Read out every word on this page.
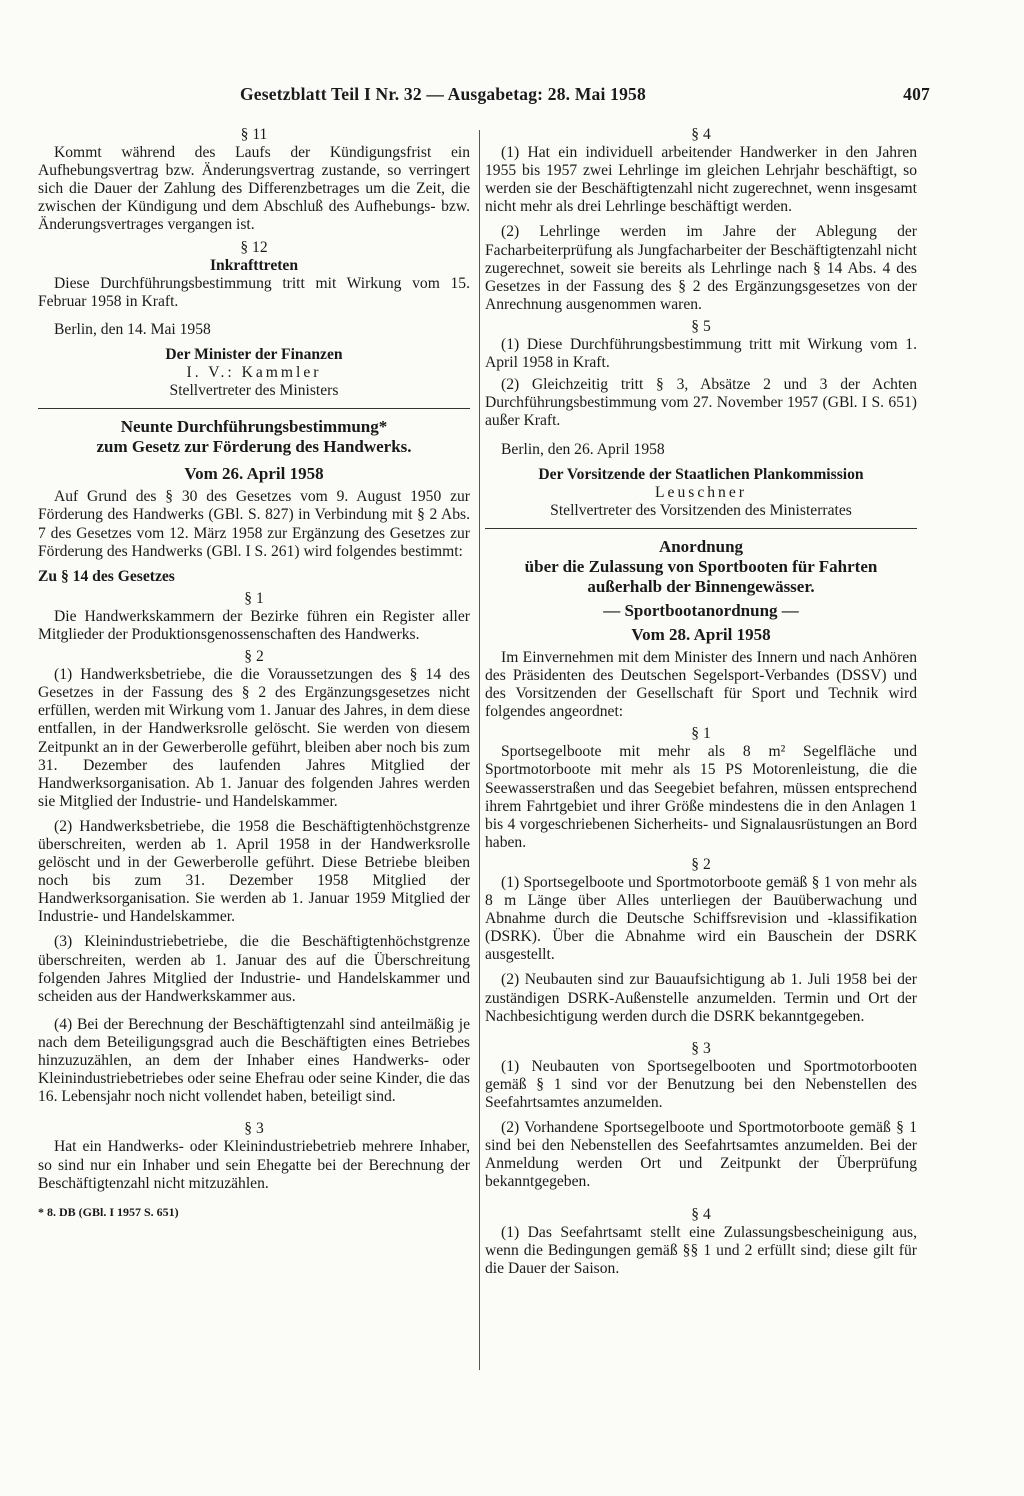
Gesetzblatt Teil I Nr. 32 — Ausgabetag: 28. Mai 1958	407
§ 11

Kommt während des Laufs der Kündigungsfrist ein Aufhebungsvertrag bzw. Änderungsvertrag zustande, so verringert sich die Dauer der Zahlung des Differenzbetrages um die Zeit, die zwischen der Kündigung und dem Abschluß des Aufhebungs- bzw. Änderungsvertrages vergangen ist.

§ 12
Inkrafttreten

Diese Durchführungsbestimmung tritt mit Wirkung vom 15. Februar 1958 in Kraft.

Berlin, den 14. Mai 1958

Der Minister der Finanzen
I. V.: Kammler
Stellvertreter des Ministers
Neunte Durchführungsbestimmung*
zum Gesetz zur Förderung des Handwerks.
Vom 26. April 1958

Auf Grund des § 30 des Gesetzes vom 9. August 1950 zur Förderung des Handwerks (GBl. S. 827) in Verbindung mit § 2 Abs. 7 des Gesetzes vom 12. März 1958 zur Ergänzung des Gesetzes zur Förderung des Handwerks (GBl. I S. 261) wird folgendes bestimmt:

Zu § 14 des Gesetzes
§ 1

Die Handwerkskammern der Bezirke führen ein Register aller Mitglieder der Produktionsgenossenschaften des Handwerks.

§ 2

(1) Handwerksbetriebe, die die Voraussetzungen des § 14 des Gesetzes in der Fassung des § 2 des Ergänzungsgesetzes nicht erfüllen, werden mit Wirkung vom 1. Januar des Jahres, in dem diese entfallen, in der Handwerksrolle gelöscht. Sie werden von diesem Zeitpunkt an in der Gewerberolle geführt, bleiben aber noch bis zum 31. Dezember des laufenden Jahres Mitglied der Handwerksorganisation. Ab 1. Januar des folgenden Jahres werden sie Mitglied der Industrie- und Handelskammer.

(2) Handwerksbetriebe, die 1958 die Beschäftigtenhöchstgrenze überschreiten, werden ab 1. April 1958 in der Handwerksrolle gelöscht und in der Gewerberolle geführt. Diese Betriebe bleiben noch bis zum 31. Dezember 1958 Mitglied der Handwerksorganisation. Sie werden ab 1. Januar 1959 Mitglied der Industrie- und Handelskammer.

(3) Kleinindustriebetriebe, die die Beschäftigtenhöchstgrenze überschreiten, werden ab 1. Januar des auf die Überschreitung folgenden Jahres Mitglied der Industrie- und Handelskammer und scheiden aus der Handwerkskammer aus.

(4) Bei der Berechnung der Beschäftigtenzahl sind anteilmäßig je nach dem Beteiligungsgrad auch die Beschäftigten eines Betriebes hinzuzuzählen, an dem der Inhaber eines Handwerks- oder Kleinindustriebetriebes oder seine Ehefrau oder seine Kinder, die das 16. Lebensjahr noch nicht vollendet haben, beteiligt sind.

§ 3

Hat ein Handwerks- oder Kleinindustriebetrieb mehrere Inhaber, so sind nur ein Inhaber und sein Ehegatte bei der Berechnung der Beschäftigtenzahl nicht mitzuzählen.

* 8. DB (GBl. I 1957 S. 651)
§ 4

(1) Hat ein individuell arbeitender Handwerker in den Jahren 1955 bis 1957 zwei Lehrlinge im gleichen Lehrjahr beschäftigt, so werden sie der Beschäftigtenzahl nicht zugerechnet, wenn insgesamt nicht mehr als drei Lehrlinge beschäftigt werden.

(2) Lehrlinge werden im Jahre der Ablegung der Facharbeiterprüfung als Jungfacharbeiter der Beschäftigtenzahl nicht zugerechnet, soweit sie bereits als Lehrlinge nach § 14 Abs. 4 des Gesetzes in der Fassung des § 2 des Ergänzungsgesetzes von der Anrechnung ausgenommen waren.

§ 5

(1) Diese Durchführungsbestimmung tritt mit Wirkung vom 1. April 1958 in Kraft.

(2) Gleichzeitig tritt § 3, Absätze 2 und 3 der Achten Durchführungsbestimmung vom 27. November 1957 (GBl. I S. 651) außer Kraft.

Berlin, den 26. April 1958

Der Vorsitzende der Staatlichen Plankommission
Leuschner
Stellvertreter des Vorsitzenden des Ministerrates
Anordnung
über die Zulassung von Sportbooten für Fahrten
außerhalb der Binnengewässer.
— Sportbootanordnung —
Vom 28. April 1958

Im Einvernehmen mit dem Minister des Innern und nach Anhören des Präsidenten des Deutschen Segelsport-Verbandes (DSSV) und des Vorsitzenden der Gesellschaft für Sport und Technik wird folgendes angeordnet:

§ 1

Sportsegelboote mit mehr als 8 m² Segelfläche und Sportmotorboote mit mehr als 15 PS Motorenleistung, die die Seewasserstraßen und das Seegebiet befahren, müssen entsprechend ihrem Fahrtgebiet und ihrer Größe mindestens die in den Anlagen 1 bis 4 vorgeschriebenen Sicherheits- und Signalausrüstungen an Bord haben.

§ 2

(1) Sportsegelboote und Sportmotorboote gemäß § 1 von mehr als 8 m Länge über Alles unterliegen der Bauüberwachung und Abnahme durch die Deutsche Schiffsrevision und -klassifikation (DSRK). Über die Abnahme wird ein Bauschein der DSRK ausgestellt.

(2) Neubauten sind zur Bauaufsichtigung ab 1. Juli 1958 bei der zuständigen DSRK-Außenstelle anzumelden. Termin und Ort der Nachbesichtigung werden durch die DSRK bekanntgegeben.

§ 3

(1) Neubauten von Sportsegelbooten und Sportmotorbooten gemäß § 1 sind vor der Benutzung bei den Nebenstellen des Seefahrtsamtes anzumelden.

(2) Vorhandene Sportsegelboote und Sportmotorboote gemäß § 1 sind bei den Nebenstellen des Seefahrtsamtes anzumelden. Bei der Anmeldung werden Ort und Zeitpunkt der Überprüfung bekanntgegeben.

§ 4

(1) Das Seefahrtsamt stellt eine Zulassungsbescheinigung aus, wenn die Bedingungen gemäß §§ 1 und 2 erfüllt sind; diese gilt für die Dauer der Saison.
